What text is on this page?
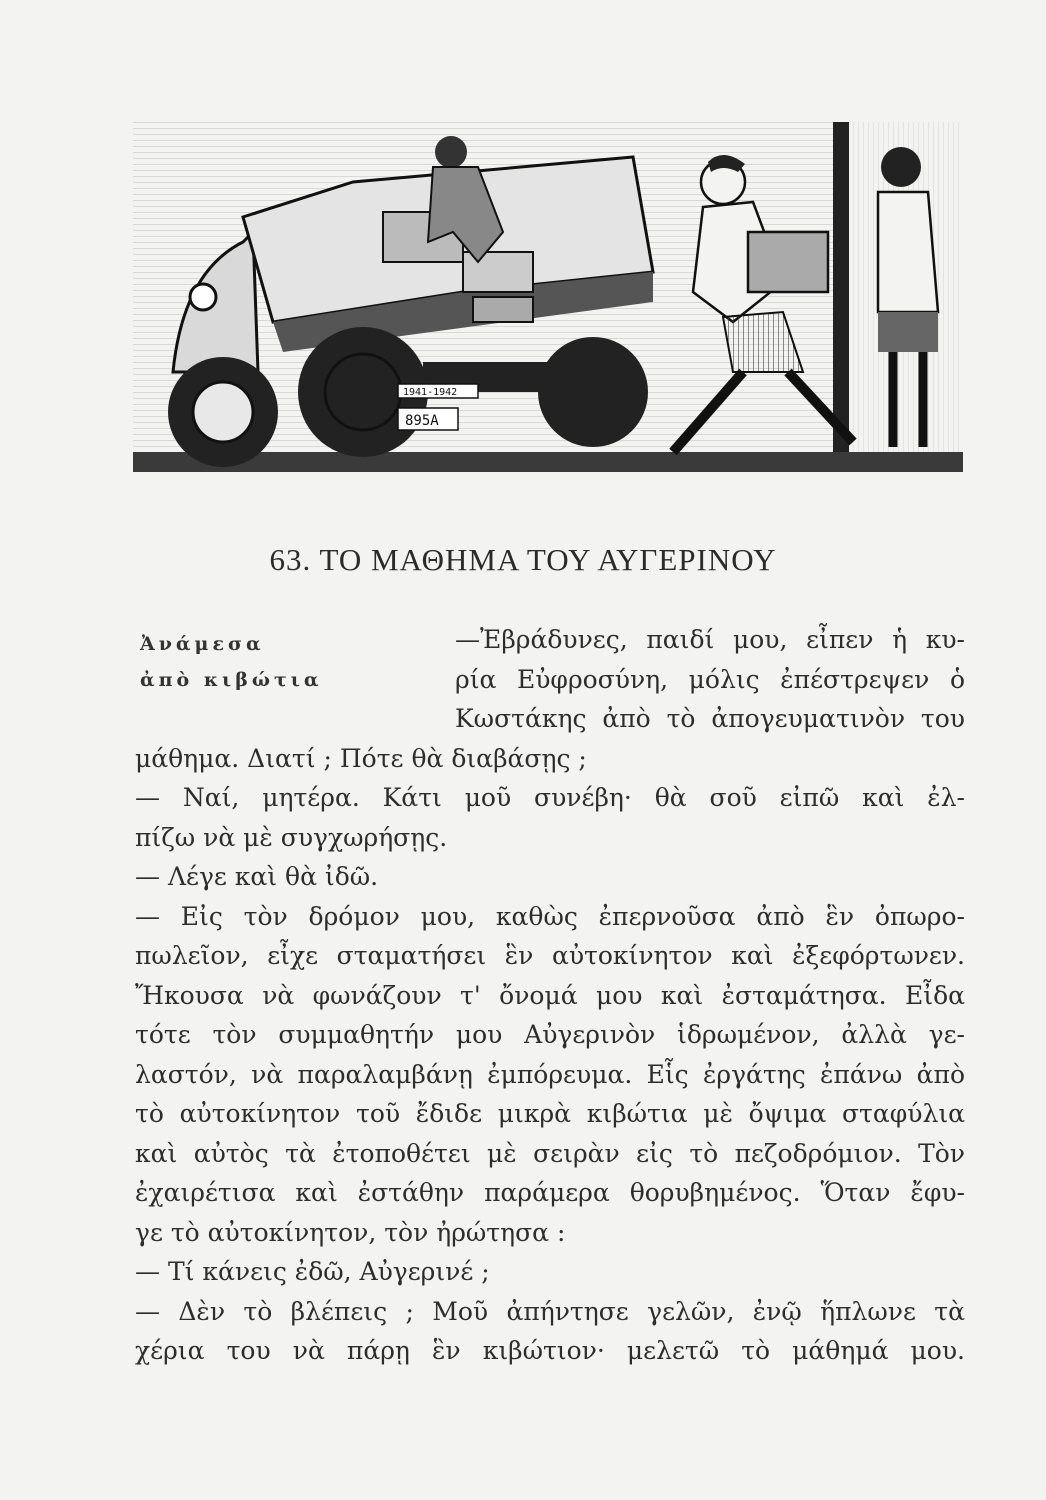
1941-1942
895A
63. ΤΟ ΜΑΘΗΜΑ ΤΟΥ ΑΥΓΕΡΙΝΟΥ
Ἀνάμεσα
ἀπὸ κιβώτια
—Ἐβράδυνες, παιδί μου, εἶπεν ἡ κυ-
ρία Εὐφροσύνη, μόλις ἐπέστρεψεν ὁ
Κωστάκης ἀπὸ τὸ ἀπογευματινὸν του
μάθημα. Διατί ; Πότε θὰ διαβάσῃς ;
— Ναί, μητέρα. Κάτι μοῦ συνέβη· θὰ σοῦ εἰπῶ καὶ ἐλ-
πίζω νὰ μὲ συγχωρήσῃς.
— Λέγε καὶ θὰ ἰδῶ.
— Εἰς τὸν δρόμον μου, καθὼς ἐπερνοῦσα ἀπὸ ἓν ὀπωρο-
πωλεῖον, εἶχε σταματήσει ἓν αὐτοκίνητον καὶ ἐξεφόρτωνεν.
Ἤκουσα νὰ φωνάζουν τ' ὄνομά μου καὶ ἐσταμάτησα. Εἶδα
τότε τὸν συμμαθητήν μου Αὐγερινὸν ἱδρωμένον, ἀλλὰ γε-
λαστόν, νὰ παραλαμβάνῃ ἐμπόρευμα. Εἷς ἐργάτης ἐπάνω ἀπὸ
τὸ αὐτοκίνητον τοῦ ἔδιδε μικρὰ κιβώτια μὲ ὄψιμα σταφύλια
καὶ αὐτὸς τὰ ἐτοποθέτει μὲ σειρὰν εἰς τὸ πεζοδρόμιον. Τὸν
ἐχαιρέτισα καὶ ἐστάθην παράμερα θορυβημένος. Ὅταν ἔφυ-
γε τὸ αὐτοκίνητον, τὸν ἠρώτησα :
— Τί κάνεις ἐδῶ, Αὐγερινέ ;
— Δὲν τὸ βλέπεις ; Μοῦ ἀπήντησε γελῶν, ἐνῷ ἥπλωνε τὰ
χέρια του νὰ πάρῃ ἓν κιβώτιον· μελετῶ τὸ μάθημά μου.
